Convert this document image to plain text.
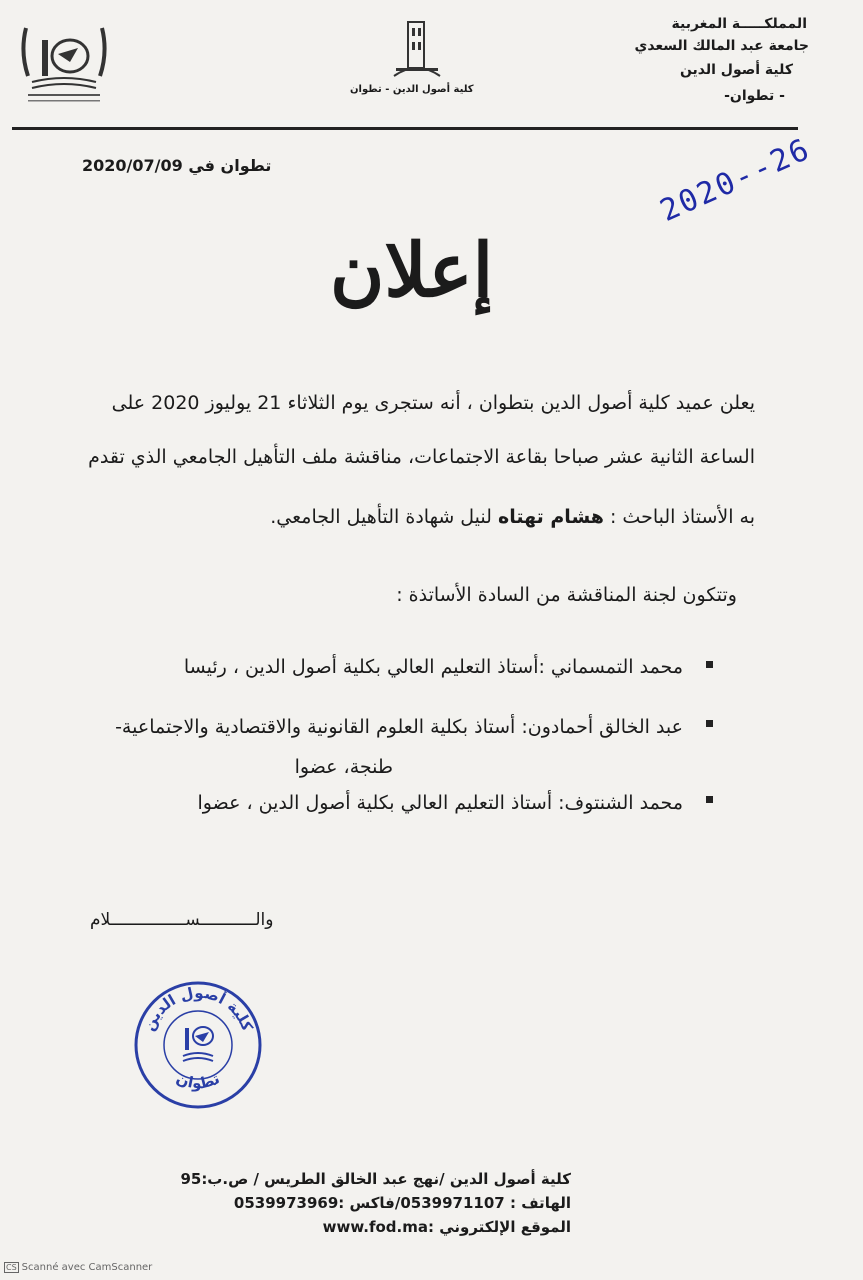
كلية أصول الدين - تطوان
المملكـــــة المغربية
جامعة عبد المالك السعدي
كلية أصول الدين
- تطوان-
تطوان في 2020/07/09	2020--26
إعلان
يعلن عميد كلية أصول الدين بتطوان ، أنه ستجرى يوم الثلاثاء 21 يوليوز 2020 على
الساعة الثانية عشر صباحا بقاعة الاجتماعات، مناقشة ملف التأهيل الجامعي الذي تقدم
به الأستاذ الباحث : هشام تهتاه لنيل شهادة التأهيل الجامعي.
وتتكون لجنة المناقشة من السادة الأساتذة :
محمد التمسماني :أستاذ التعليم العالي بكلية أصول الدين ، رئيسا
عبد الخالق أحمادون: أستاذ بكلية العلوم القانونية والاقتصادية والاجتماعية-
طنجة، عضوا
محمد الشنتوف: أستاذ التعليم العالي بكلية أصول الدين ، عضوا
والـــــــــــســـــــــــــــلام
كلية أصول الدين
تطوان
كلية أصول الدين /نهج عبد الخالق الطريس / ص.ب:95
الهاتف : 0539971107/فاكس :0539973969
الموقع الإلكتروني :www.fod.ma
CS Scanné avec CamScanner
